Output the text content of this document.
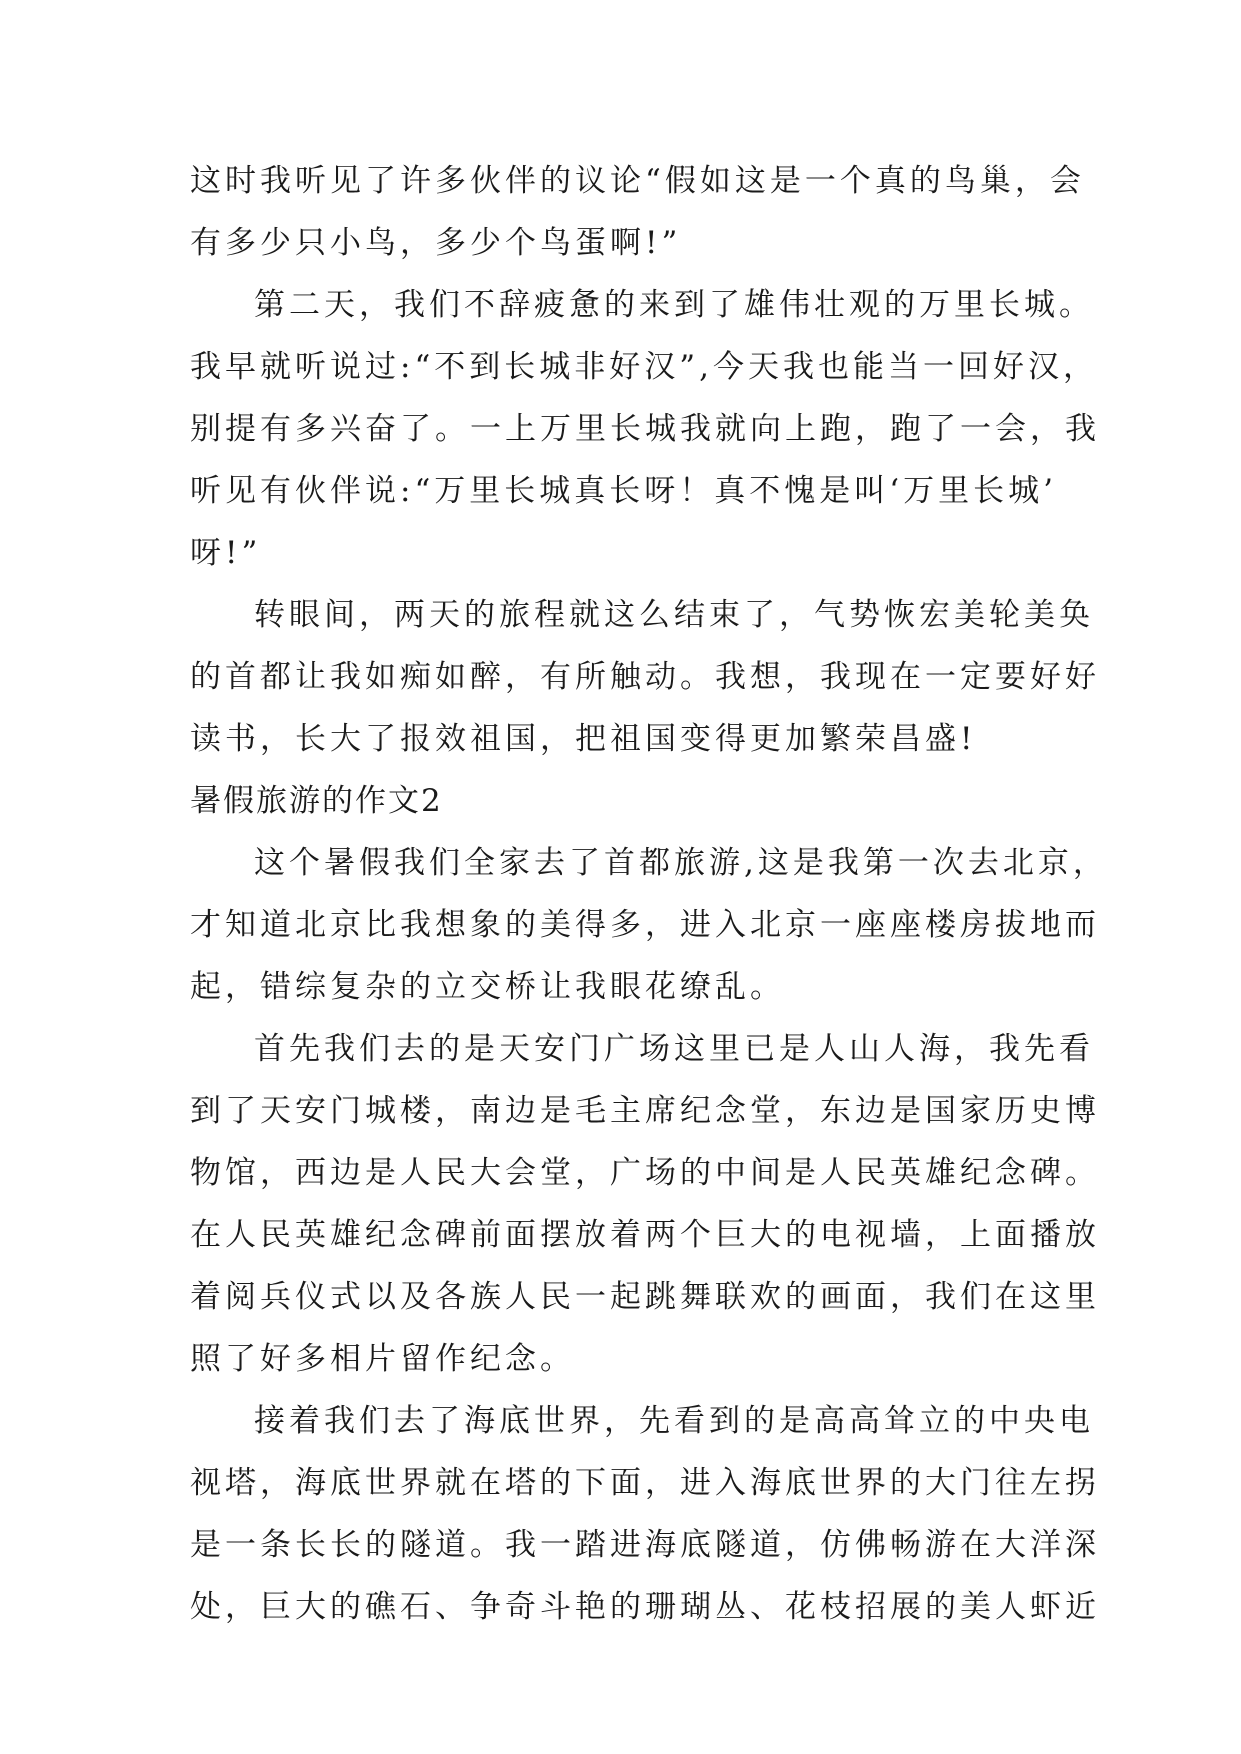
这时我听见了许多伙伴的议论“假如这是一个真的鸟巢，会
有多少只小鸟，多少个鸟蛋啊!”
第二天，我们不辞疲惫的来到了雄伟壮观的万里长城。
我早就听说过:“不到长城非好汉”,今天我也能当一回好汉，
别提有多兴奋了。一上万里长城我就向上跑，跑了一会，我
听见有伙伴说:“万里长城真长呀！真不愧是叫‘万里长城’
呀!”
转眼间，两天的旅程就这么结束了，气势恢宏美轮美奂
的首都让我如痴如醉，有所触动。我想，我现在一定要好好
读书，长大了报效祖国，把祖国变得更加繁荣昌盛!
暑假旅游的作文2
这个暑假我们全家去了首都旅游,这是我第一次去北京，
才知道北京比我想象的美得多，进入北京一座座楼房拔地而
起，错综复杂的立交桥让我眼花缭乱。
首先我们去的是天安门广场这里已是人山人海，我先看
到了天安门城楼，南边是毛主席纪念堂，东边是国家历史博
物馆，西边是人民大会堂，广场的中间是人民英雄纪念碑。
在人民英雄纪念碑前面摆放着两个巨大的电视墙，上面播放
着阅兵仪式以及各族人民一起跳舞联欢的画面，我们在这里
照了好多相片留作纪念。
接着我们去了海底世界，先看到的是高高耸立的中央电
视塔，海底世界就在塔的下面，进入海底世界的大门往左拐
是一条长长的隧道。我一踏进海底隧道，仿佛畅游在大洋深
处，巨大的礁石、争奇斗艳的珊瑚丛、花枝招展的美人虾近
